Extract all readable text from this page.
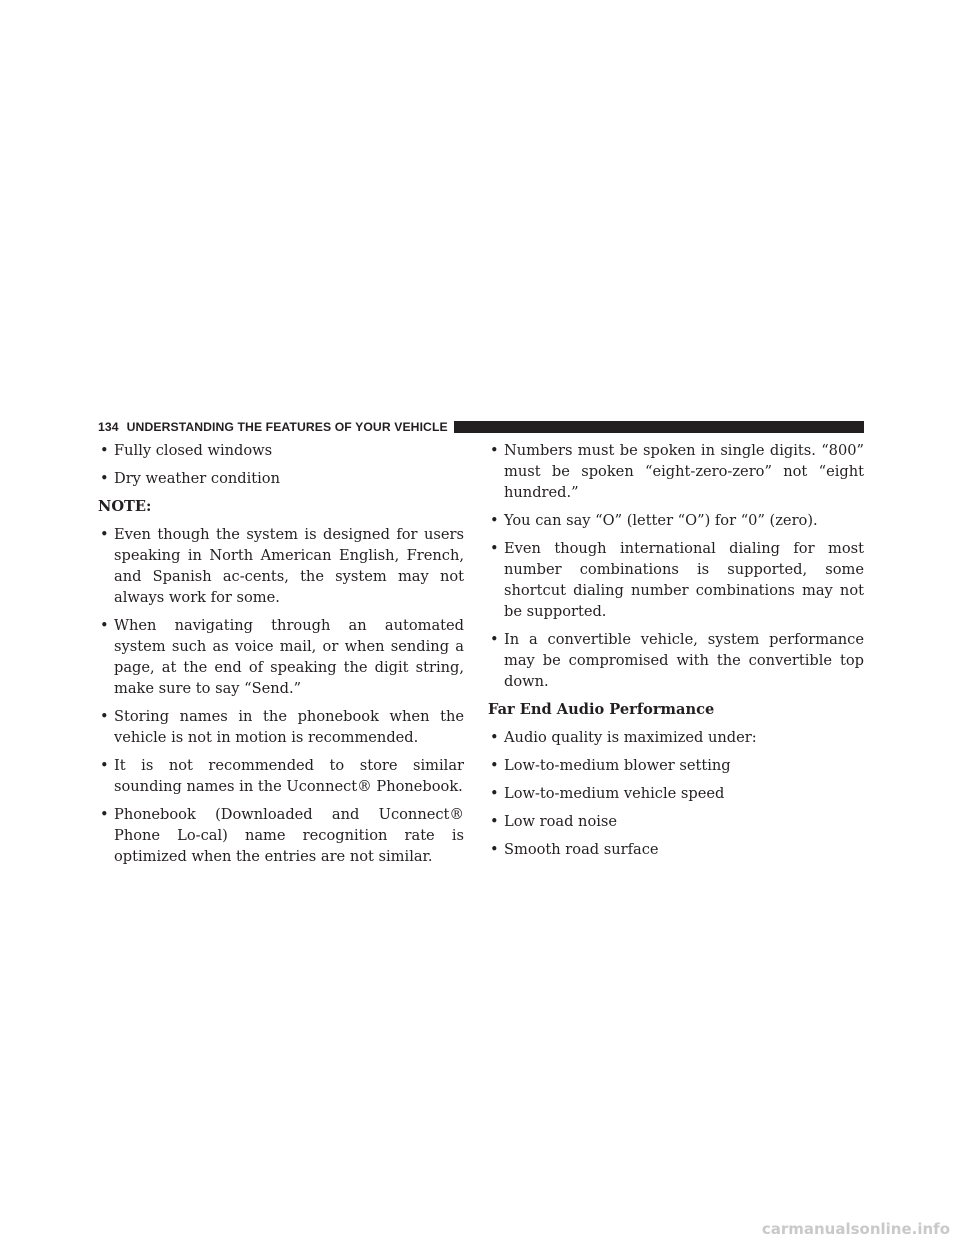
134 UNDERSTANDING THE FEATURES OF YOUR VEHICLE
• Fully closed windows
• Dry weather condition
NOTE:
• Even though the system is designed for users speaking in North American English, French, and Spanish ac-cents, the system may not always work for some.
• When navigating through an automated system such as voice mail, or when sending a page, at the end of speaking the digit string, make sure to say “Send.”
• Storing names in the phonebook when the vehicle is not in motion is recommended.
• It is not recommended to store similar sounding names in the Uconnect® Phonebook.
• Phonebook (Downloaded and Uconnect® Phone Lo-cal) name recognition rate is optimized when the entries are not similar.
• Numbers must be spoken in single digits. “800” must be spoken “eight-zero-zero” not “eight hundred.”
• You can say “O” (letter “O”) for “0” (zero).
• Even though international dialing for most number combinations is supported, some shortcut dialing number combinations may not be supported.
• In a convertible vehicle, system performance may be compromised with the convertible top down.
Far End Audio Performance
• Audio quality is maximized under:
• Low-to-medium blower setting
• Low-to-medium vehicle speed
• Low road noise
• Smooth road surface
carmanualsonline.info
